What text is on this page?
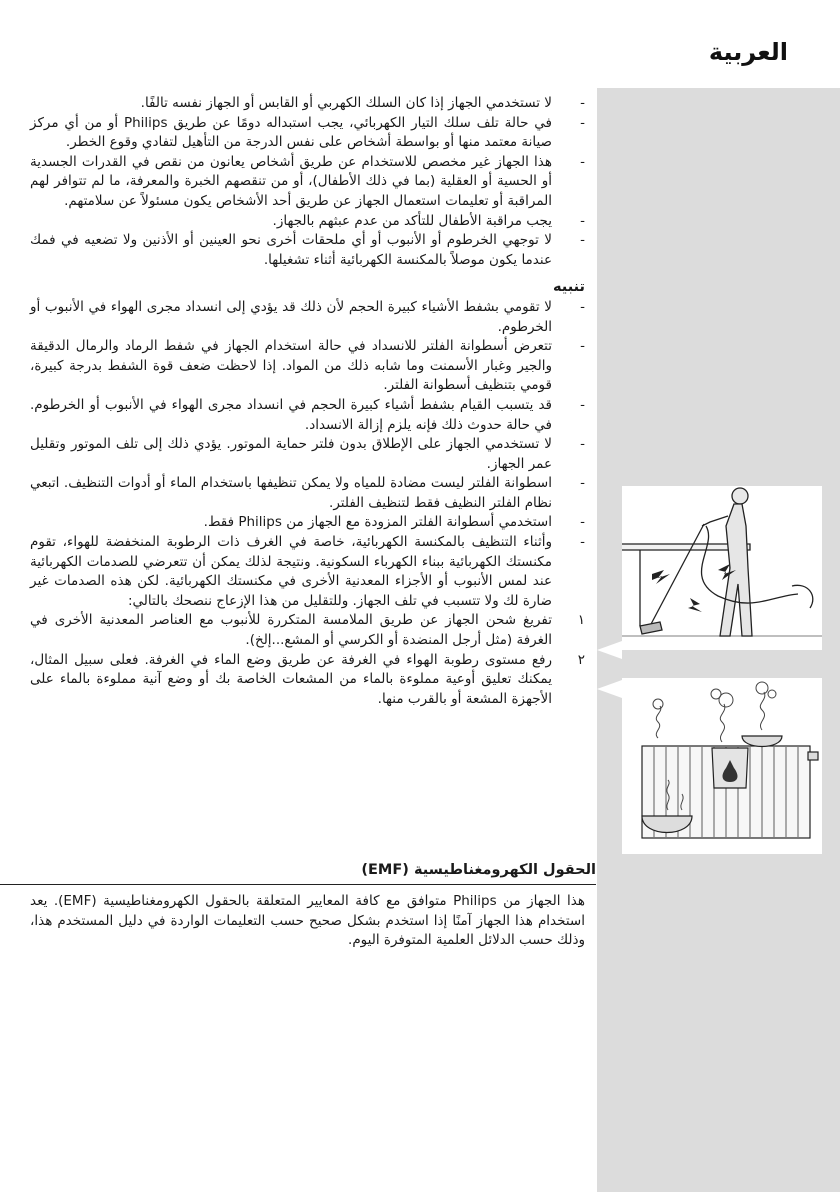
العربية
-
لا تستخدمي الجهاز إذا كان السلك الكهربي أو القابس أو الجهاز نفسه تالفًا.
-
في حالة تلف سلك التيار الكهربائي، يجب استبداله دومًا عن طريق Philips أو من أي مركز صيانة معتمد منها أو بواسطة أشخاص على نفس الدرجة من التأهيل لتفادي وقوع الخطر.
-
هذا الجهاز غير مخصص للاستخدام عن طريق أشخاص يعانون من نقص في القدرات الجسدية أو الحسية أو العقلية (بما في ذلك الأطفال)، أو من تنقصهم الخبرة والمعرفة، ما لم تتوافر لهم المراقبة أو تعليمات استعمال الجهاز عن طريق أحد الأشخاص يكون مسئولاً عن سلامتهم.
-
يجب مراقبة الأطفال للتأكد من عدم عبثهم بالجهاز.
-
لا توجهي الخرطوم أو الأنبوب أو أي ملحقات أخرى نحو العينين أو الأذنين ولا تضعيه في فمك عندما يكون موصلاً بالمكنسة الكهربائية أثناء تشغيلها.
تنبيه
-
لا تقومي بشفط الأشياء كبيرة الحجم لأن ذلك قد يؤدي إلى انسداد مجرى الهواء في الأنبوب أو الخرطوم.
-
تتعرض أسطوانة الفلتر للانسداد في حالة استخدام الجهاز في شفط الرماد والرمال الدقيقة والجير وغبار الأسمنت وما شابه ذلك من المواد. إذا لاحظت ضعف قوة الشفط بدرجة كبيرة، قومي بتنظيف أسطوانة الفلتر.
-
قد يتسبب القيام بشفط أشياء كبيرة الحجم في انسداد مجرى الهواء في الأنبوب أو الخرطوم. في حالة حدوث ذلك فإنه يلزم إزالة الانسداد.
-
لا تستخدمي الجهاز على الإطلاق بدون فلتر حماية الموتور. يؤدي ذلك إلى تلف الموتور وتقليل عمر الجهاز.
-
اسطوانة الفلتر ليست مضادة للمياه ولا يمكن تنظيفها باستخدام الماء أو أدوات التنظيف. اتبعي نظام الفلتر النظيف فقط لتنظيف الفلتر.
-
استخدمي أسطوانة الفلتر المزودة مع الجهاز من Philips فقط.
-
وأثناء التنظيف بالمكنسة الكهربائية، خاصة في الغرف ذات الرطوبة المنخفضة للهواء، تقوم مكنستك الكهربائية ببناء الكهرباء السكونية. ونتيجة لذلك يمكن أن تتعرضي للصدمات الكهربائية عند لمس الأنبوب أو الأجزاء المعدنية الأخرى في مكنستك الكهربائية. لكن هذه الصدمات غير ضارة لك ولا تتسبب في تلف الجهاز. وللتقليل من هذا الإزعاج ننصحك بالتالي:
١
تفريغ شحن الجهاز عن طريق الملامسة المتكررة للأنبوب مع العناصر المعدنية الأخرى في الغرفة (مثل أرجل المنضدة أو الكرسي أو المشع...إلخ).
٢
رفع مستوى رطوبة الهواء في الغرفة عن طريق وضع الماء في الغرفة. فعلى سبيل المثال، يمكنك تعليق أوعية مملوءة بالماء من المشعات الخاصة بك أو وضع آنية مملوءة بالماء على الأجهزة المشعة أو بالقرب منها.
الحقول الكهرومغناطيسية (EMF)
هذا الجهاز من Philips متوافق مع كافة المعايير المتعلقة بالحقول الكهرومغناطيسية (EMF). يعد استخدام هذا الجهاز آمنًا إذا استخدم بشكل صحيح حسب التعليمات الواردة في دليل المستخدم هذا، وذلك حسب الدلائل العلمية المتوفرة اليوم.
